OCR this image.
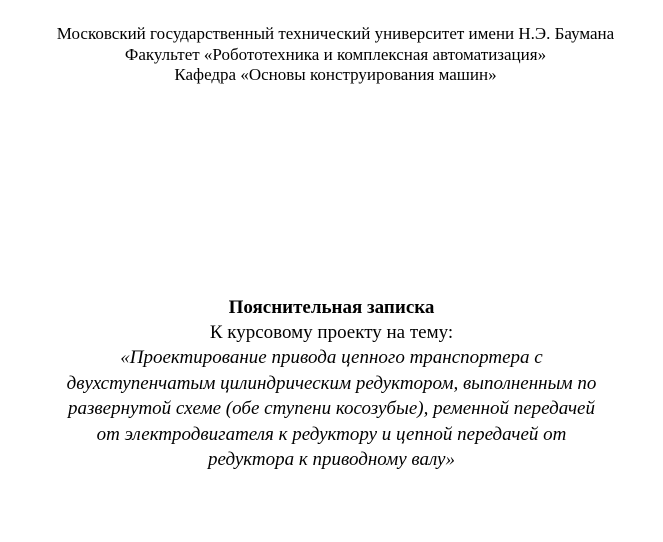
Московский государственный технический университет имени Н.Э. Баумана
Факультет «Робототехника и комплексная автоматизация»
Кафедра «Основы конструирования машин»
Пояснительная записка
К курсовому проекту на тему:
«Проектирование привода цепного транспортера с
двухступенчатым цилиндрическим редуктором, выполненным по
развернутой схеме (обе ступени косозубые), ременной передачей
от электродвигателя к редуктору и цепной передачей от
редуктора к приводному валу»
